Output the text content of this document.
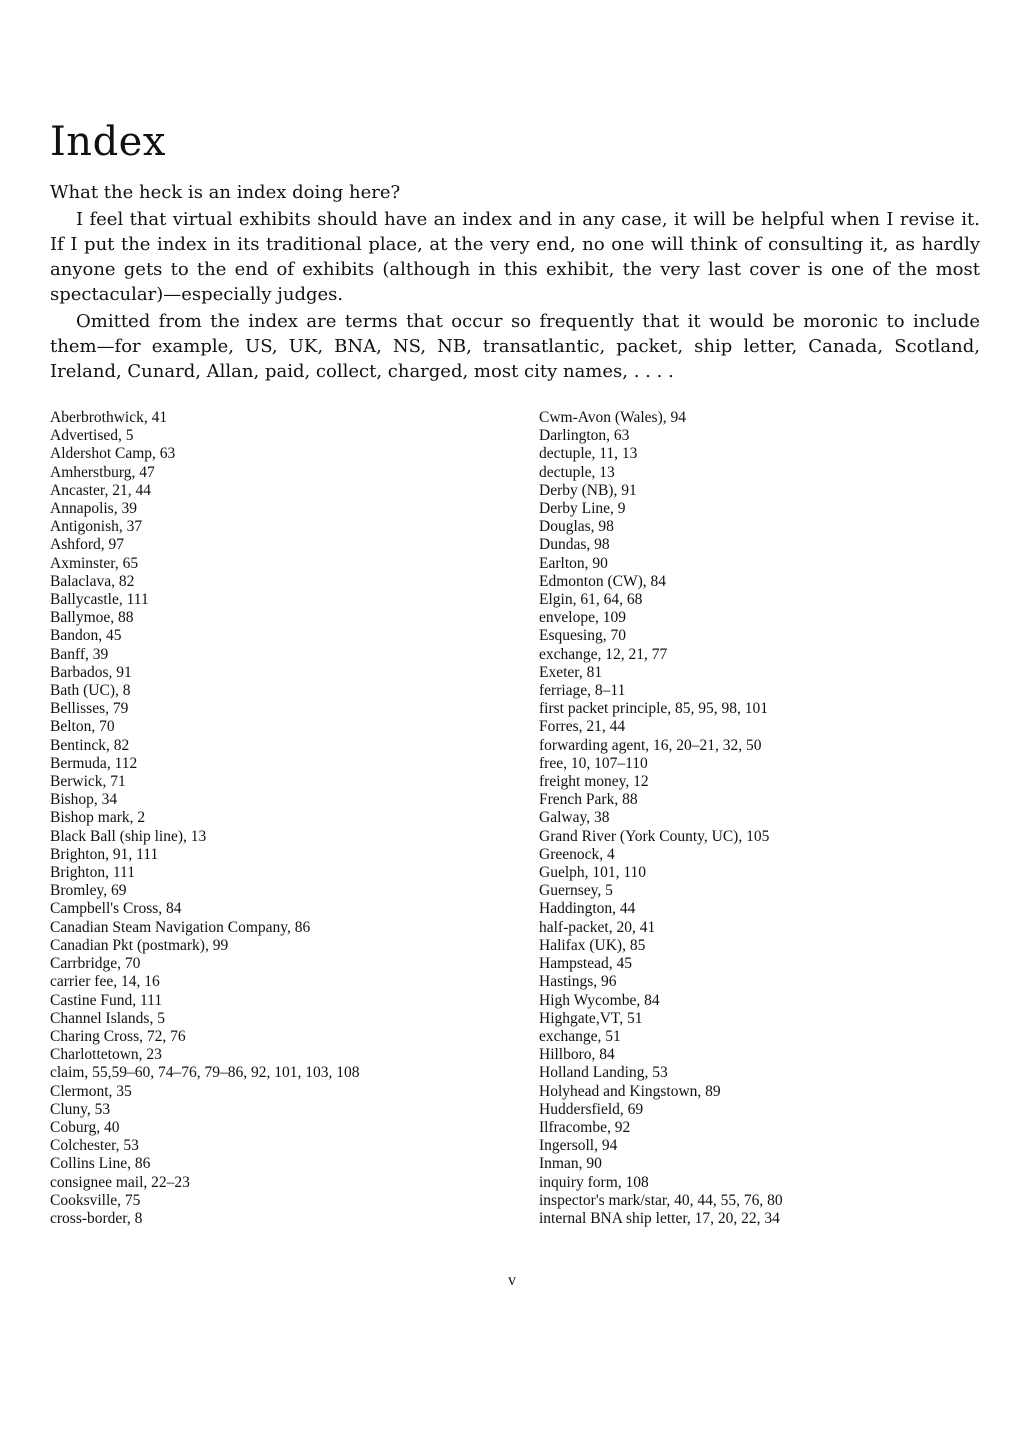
Index

What the heck is an index doing here?

I feel that virtual exhibits should have an index and in any case, it will be helpful when I revise it. If I put the index in its traditional place, at the very end, no one will think of consulting it, as hardly anyone gets to the end of exhibits (although in this exhibit, the very last cover is one of the most spectacular)—especially judges.

Omitted from the index are terms that occur so frequently that it would be moronic to include them—for example, US, UK, BNA, NS, NB, transatlantic, packet, ship letter, Canada, Scotland, Ireland, Cunard, Allan, paid, collect, charged, most city names, . . . .

Aberbrothwick, 41
Advertised, 5
Aldershot Camp, 63
Amherstburg, 47
Ancaster, 21, 44
Annapolis, 39
Antigonish, 37
Ashford, 97
Axminster, 65
Balaclava, 82
Ballycastle, 111
Ballymoe, 88
Bandon, 45
Banff, 39
Barbados, 91
Bath (UC), 8
Bellisses, 79
Belton, 70
Bentinck, 82
Bermuda, 112
Berwick, 71
Bishop, 34
Bishop mark, 2
Black Ball (ship line), 13
Brighton, 91, 111
Brighton, 111
Bromley, 69
Campbell's Cross, 84
Canadian Steam Navigation Company, 86
Canadian Pkt (postmark), 99
Carrbridge, 70
carrier fee, 14, 16
Castine Fund, 111
Channel Islands, 5
Charing Cross, 72, 76
Charlottetown, 23
claim, 55,59–60, 74–76, 79–86, 92, 101, 103, 108
Clermont, 35
Cluny, 53
Coburg, 40
Colchester, 53
Collins Line, 86
consignee mail, 22–23
Cooksville, 75
cross-border, 8
Cwm-Avon (Wales), 94
Darlington, 63
dectuple, 11, 13
dectuple, 13
Derby (NB), 91
Derby Line, 9
Douglas, 98
Dundas, 98
Earlton, 90
Edmonton (CW), 84
Elgin, 61, 64, 68
envelope, 109
Esquesing, 70
exchange, 12, 21, 77
Exeter, 81
ferriage, 8–11
first packet principle, 85, 95, 98, 101
Forres, 21, 44
forwarding agent, 16, 20–21, 32, 50
free, 10, 107–110
freight money, 12
French Park, 88
Galway, 38
Grand River (York County, UC), 105
Greenock, 4
Guelph, 101, 110
Guernsey, 5
Haddington, 44
half-packet, 20, 41
Halifax (UK), 85
Hampstead, 45
Hastings, 96
High Wycombe, 84
Highgate,VT, 51
exchange, 51
Hillboro, 84
Holland Landing, 53
Holyhead and Kingstown, 89
Huddersfield, 69
Ilfracombe, 92
Ingersoll, 94
Inman, 90
inquiry form, 108
inspector's mark/star, 40, 44, 55, 76, 80
internal BNA ship letter, 17, 20, 22, 34
v
